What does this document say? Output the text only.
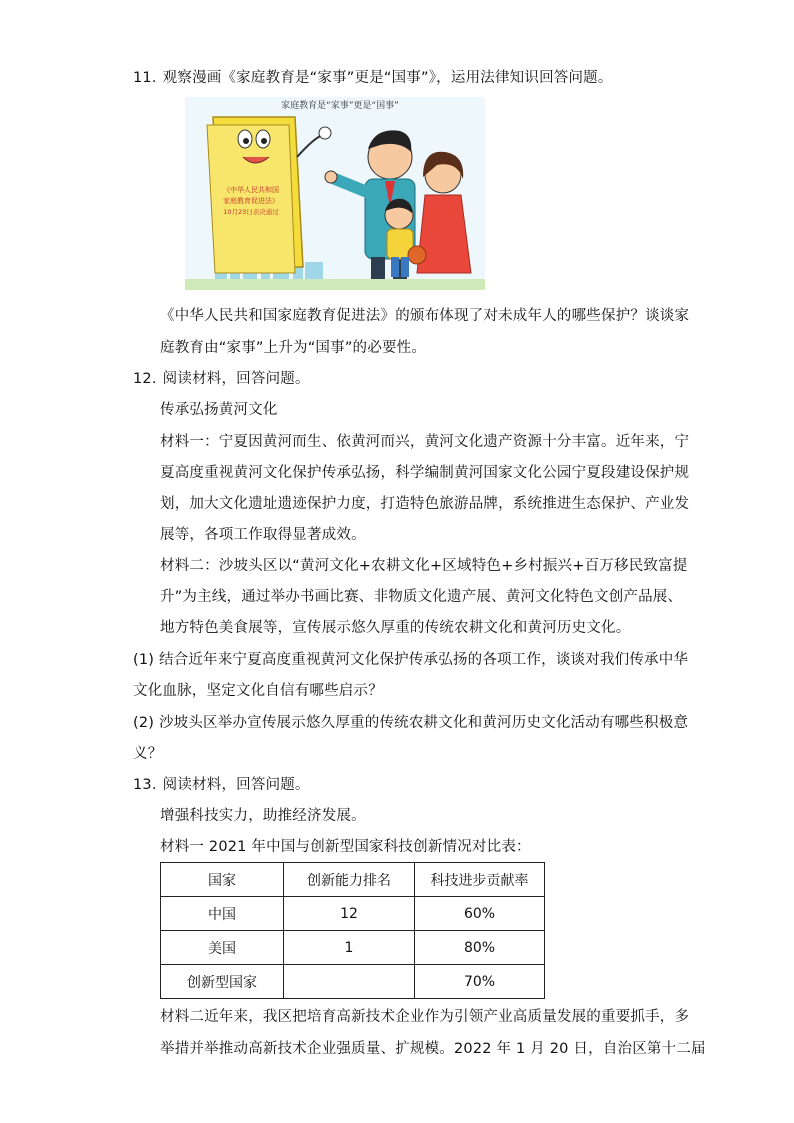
11. 观察漫画《家庭教育是“家事”更是“国事”》，运用法律知识回答问题。
家庭教育是“家事”更是“国事”
《中华人民共和国
家庭教育促进法》
10月23日表决通过
《中华人民共和国家庭教育促进法》的颁布体现了对未成年人的哪些保护？谈谈家
庭教育由“家事”上升为“国事”的必要性。
12. 阅读材料，回答问题。
传承弘扬黄河文化
材料一：宁夏因黄河而生、依黄河而兴，黄河文化遗产资源十分丰富。近年来，宁
夏高度重视黄河文化保护传承弘扬，科学编制黄河国家文化公园宁夏段建设保护规
划，加大文化遗址遗迹保护力度，打造特色旅游品牌，系统推进生态保护、产业发
展等，各项工作取得显著成效。
材料二：沙坡头区以“黄河文化+农耕文化+区域特色+乡村振兴+百万移民致富提
升”为主线，通过举办书画比赛、非物质文化遗产展、黄河文化特色文创产品展、
地方特色美食展等，宣传展示悠久厚重的传统农耕文化和黄河历史文化。
(1) 结合近年来宁夏高度重视黄河文化保护传承弘扬的各项工作，谈谈对我们传承中华
文化血脉，坚定文化自信有哪些启示？
(2) 沙坡头区举办宣传展示悠久厚重的传统农耕文化和黄河历史文化活动有哪些积极意
义？
13. 阅读材料，回答问题。
增强科技实力，助推经济发展。
材料一 2021 年中国与创新型国家科技创新情况对比表：
国家	创新能力排名	科技进步贡献率
中国	12	60%
美国	1	80%
创新型国家		70%
材料二近年来，我区把培育高新技术企业作为引领产业高质量发展的重要抓手，多
举措并举推动高新技术企业强质量、扩规模。2022 年 1 月 20 日，自治区第十二届
